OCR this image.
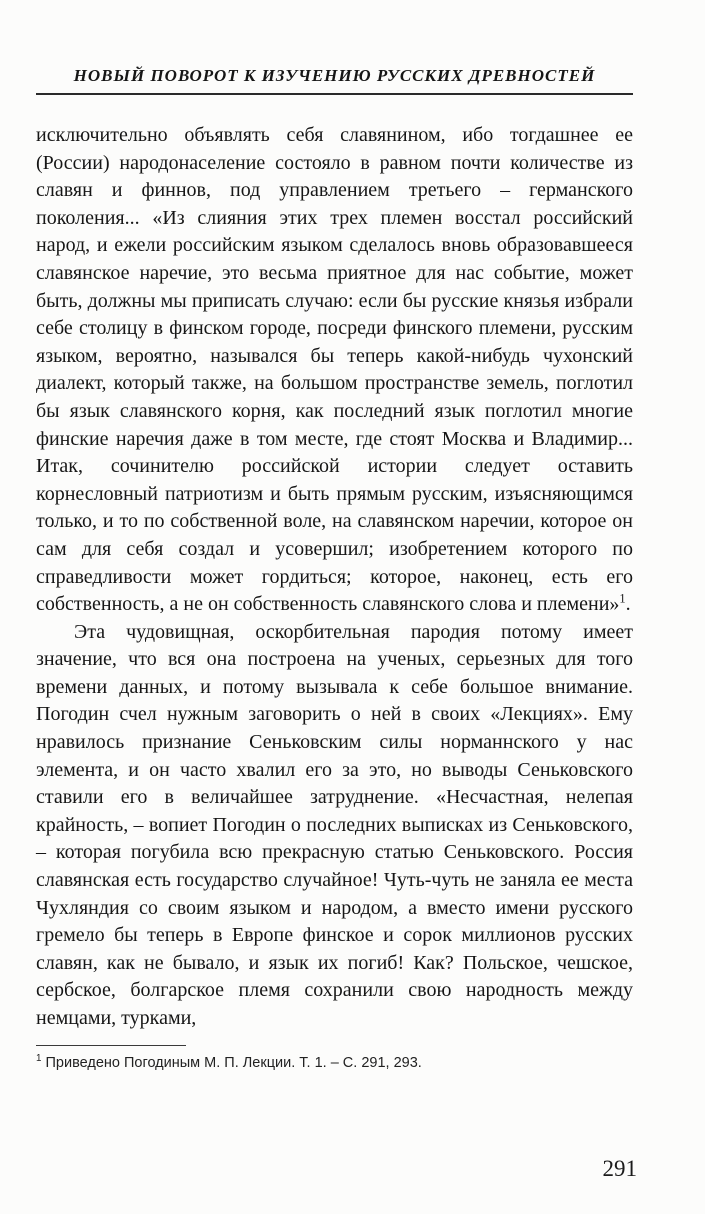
НОВЫЙ ПОВОРОТ К ИЗУЧЕНИЮ РУССКИХ ДРЕВНОСТЕЙ

исключительно объявлять себя славянином, ибо тогдашнее ее (России) народонаселение состояло в равном почти количестве из славян и финнов, под управлением третьего – германского поколения... «Из слияния этих трех племен восстал российский народ, и ежели российским языком сделалось вновь образовавшееся славянское наречие, это весьма приятное для нас событие, может быть, должны мы приписать случаю: если бы русские князья избрали себе столицу в финском городе, посреди финского племени, русским языком, вероятно, назывался бы теперь какой-нибудь чухонский диалект, который также, на большом пространстве земель, поглотил бы язык славянского корня, как последний язык поглотил многие финские наречия даже в том месте, где стоят Москва и Владимир... Итак, сочинителю российской истории следует оставить корнесловный патриотизм и быть прямым русским, изъясняющимся только, и то по собственной воле, на славянском наречии, которое он сам для себя создал и усовершил; изобретением которого по справедливости может гордиться; которое, наконец, есть его собственность, а не он собственность славянского слова и племени»$^1$.

Эта чудовищная, оскорбительная пародия потому имеет значение, что вся она построена на ученых, серьезных для того времени данных, и потому вызывала к себе большое внимание. Погодин счел нужным заговорить о ней в своих «Лекциях». Ему нравилось признание Сеньковским силы норманнского у нас элемента, и он часто хвалил его за это, но выводы Сеньковского ставили его в величайшее затруднение. «Несчастная, нелепая крайность, – вопиет Погодин о последних выписках из Сеньковского, – которая погубила всю прекрасную статью Сеньковского. Россия славянская есть государство случайное! Чуть-чуть не заняла ее места Чухляндия со своим языком и народом, а вместо имени русского гремело бы теперь в Европе финское и сорок миллионов русских славян, как не бывало, и язык их погиб! Как? Польское, чешское, сербское, болгарское племя сохранили свою народность между немцами, турками,

$^1$ Приведено Погодиным М. П. Лекции. Т. 1. – С. 291, 293.
291
